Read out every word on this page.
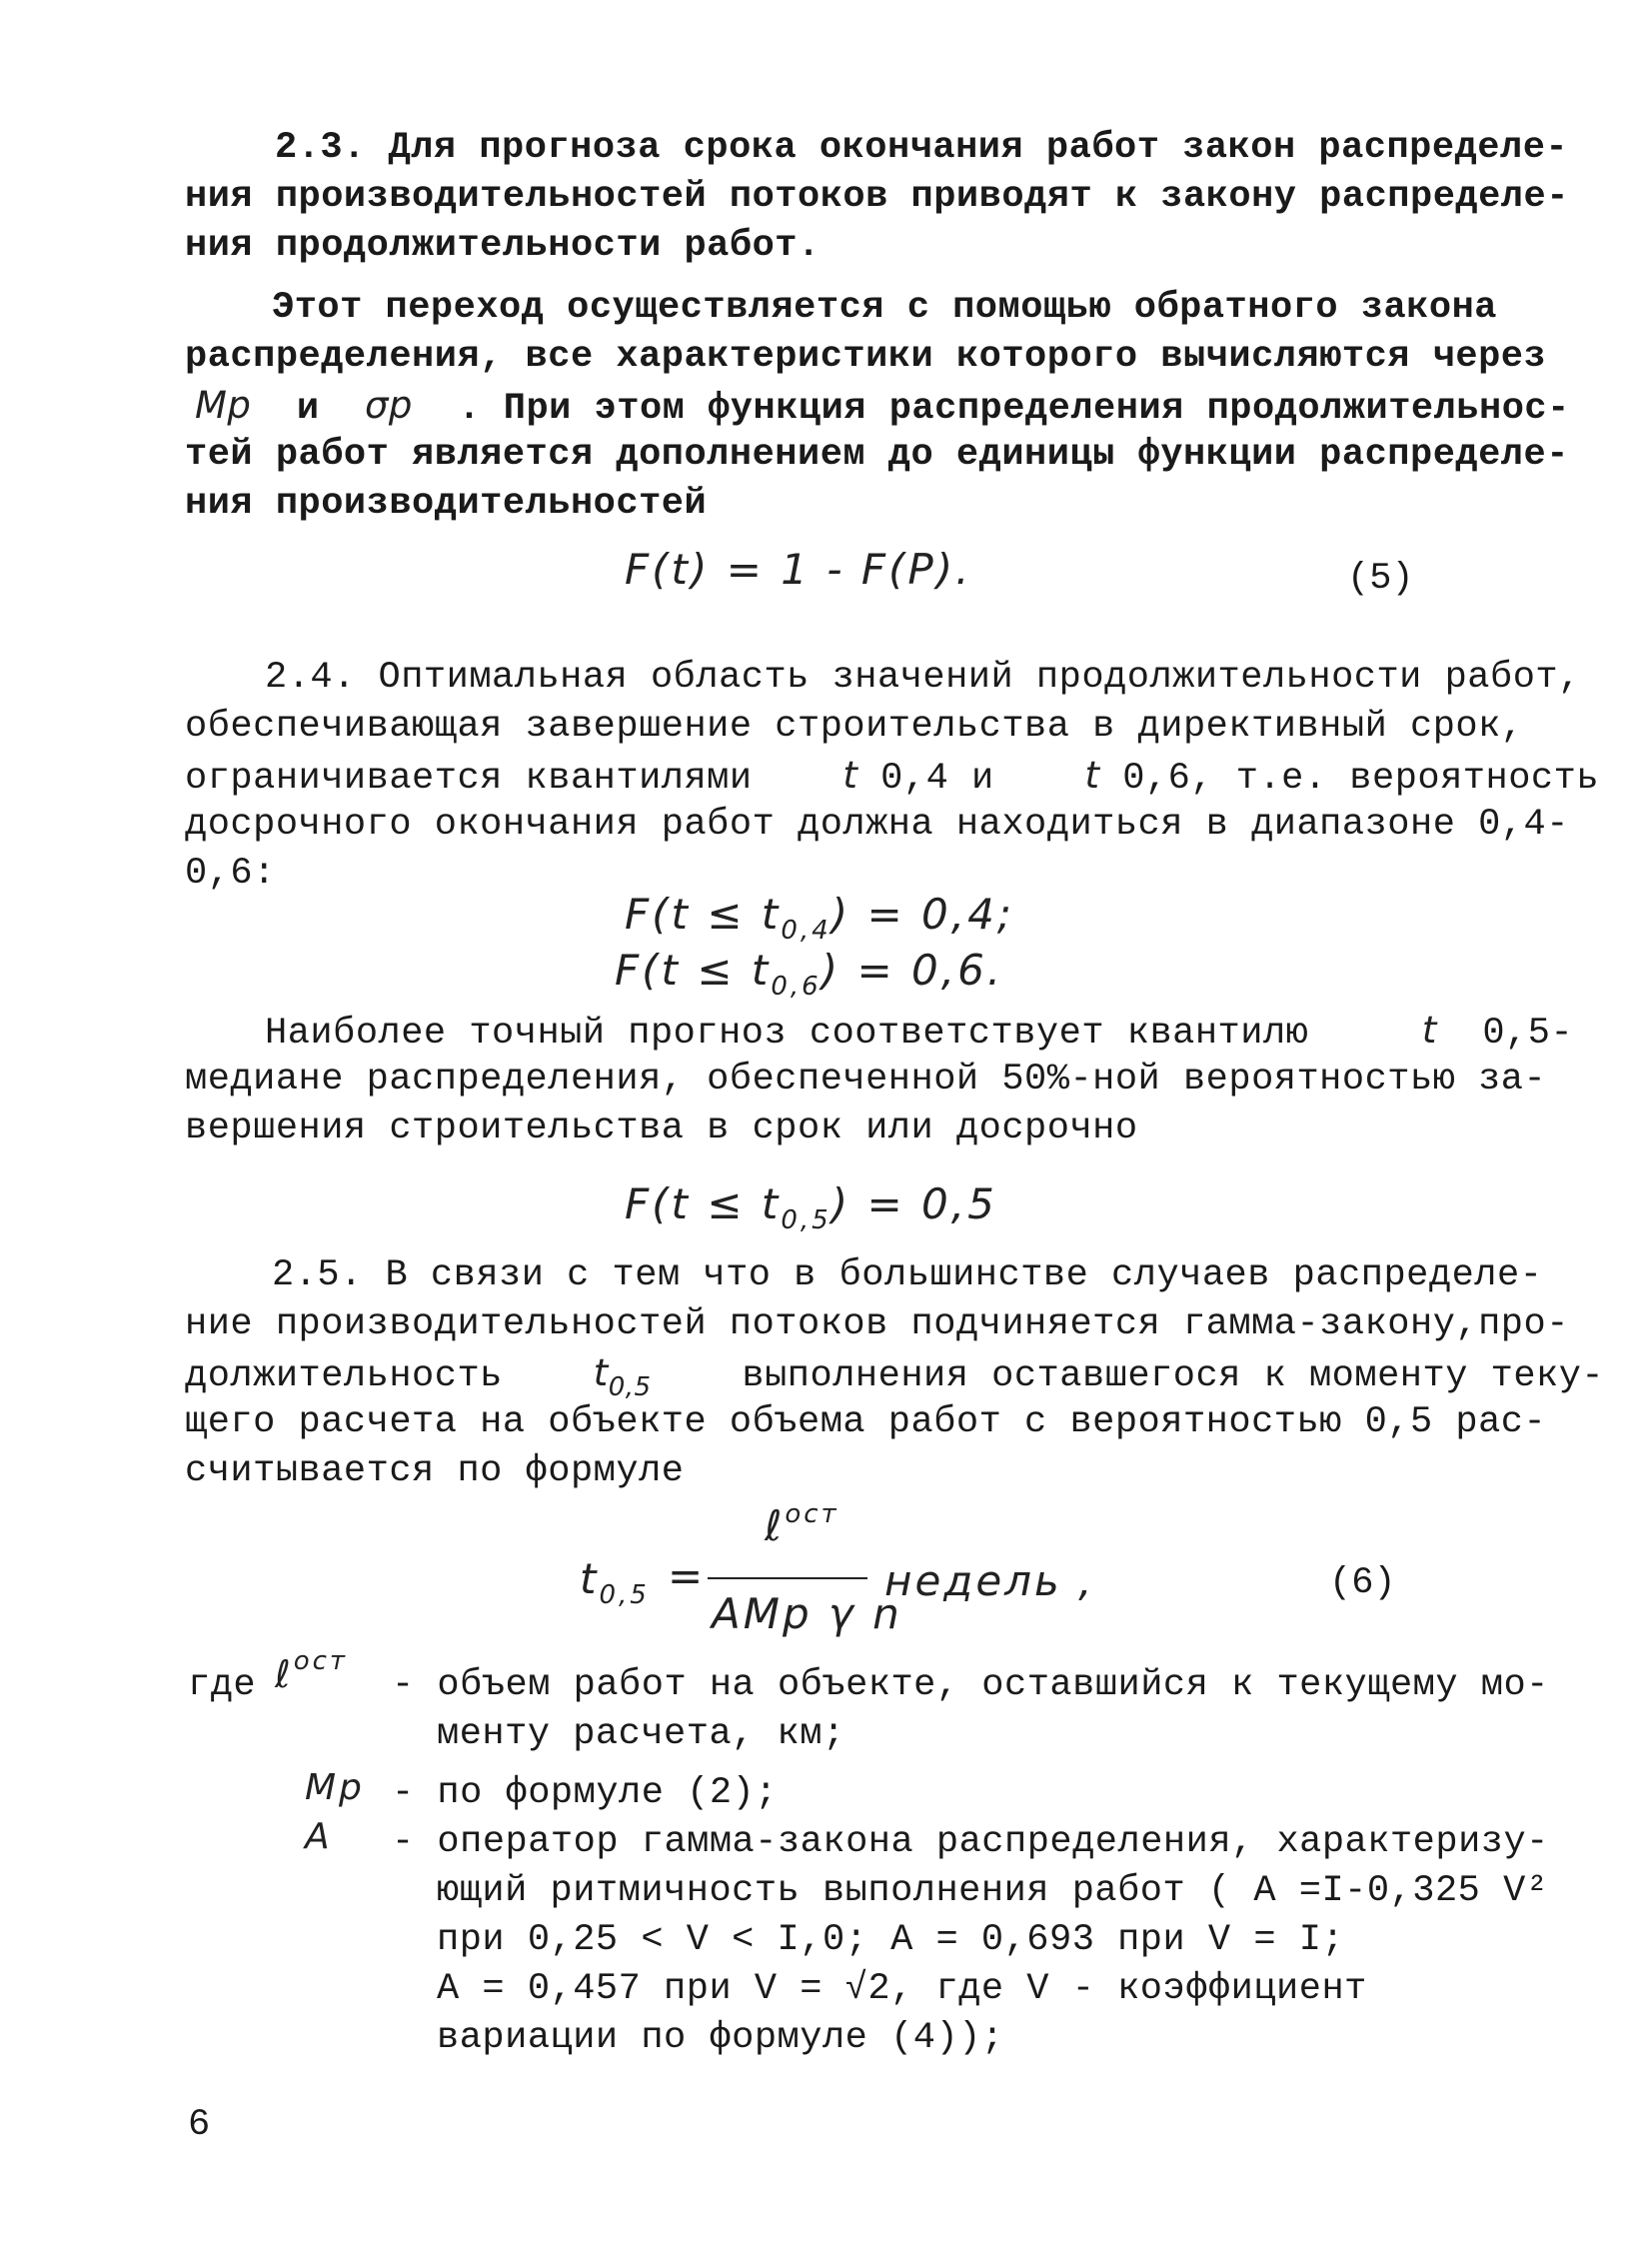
2.3. Для прогноза срока окончания работ закон распределе-
ния производительностей потоков приводят к закону распределе-
ния продолжительности работ.
Этот переход осуществляется с помощью обратного закона
распределения, все характеристики которого вычисляются через
Mp и σp . При этом функция распределения продолжительнос-
тей работ является дополнением до единицы функции распределе-
ния производительностей
F(t) = 1 - F(P).	(5)
2.4. Оптимальная область значений продолжительности работ,
обеспечивающая завершение строительства в директивный срок,
ограничивается квантилями t 0,4 и t 0,6, т.е. вероятность
досрочного окончания работ должна находиться в диапазоне 0,4-
0,6:
$F(t \le t_{0,4}) = 0,4$;
$F(t \le t_{0,6}) = 0,6$.
Наиболее точный прогноз соответствует квантилю	t 0,5-
медиане распределения, обеспеченной 50%-ной вероятностью за-
вершения строительства в срок или досрочно
$F(t \le t_{0,5}) = 0,5$
2.5. В связи с тем что в большинстве случаев распределе-
ние производительностей потоков подчиняется гамма-закону,про-
должительность $t_{0,5}$ выполнения оставшегося к моменту теку-
щего расчета на объекте объема работ с вероятностью 0,5 рас-
считывается по формуле
$t_{0,5}$ =
ℓ$^{ост}$
AMp γ n
недель ,	(6)
где ℓ$^{ост}$
- объем работ на объекте, оставшийся к текущему мо-
менту расчета, км;
Mp - по формуле (2);
A - оператор гамма-закона распределения, характеризу-
ющий ритмичность выполнения работ ( A =I-0,325 V²
при 0,25 < V < I,0; A = 0,693 при V = I;
A = 0,457 при V = √2, где V - коэффициент
вариации по формуле (4));
6
